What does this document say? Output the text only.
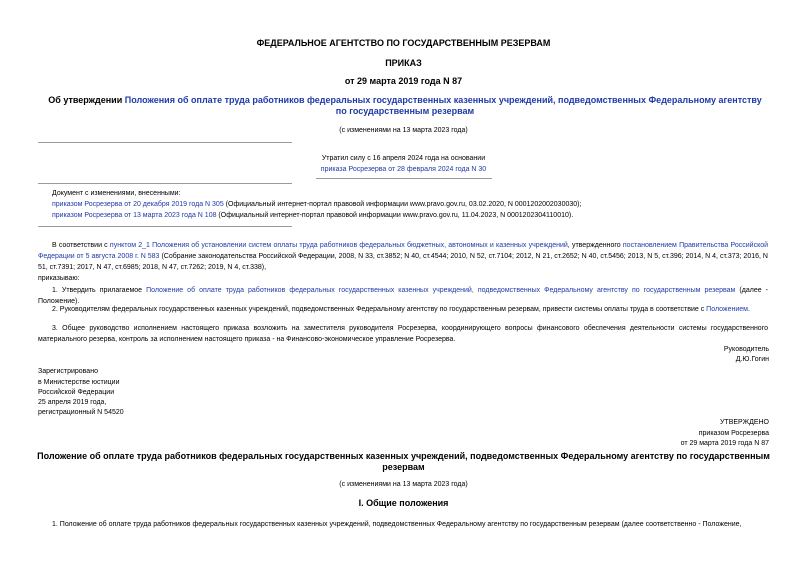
ФЕДЕРАЛЬНОЕ АГЕНТСТВО ПО ГОСУДАРСТВЕННЫМ РЕЗЕРВАМ
ПРИКАЗ
от 29 марта 2019 года N 87
Об утверждении Положения об оплате труда работников федеральных государственных казенных учреждений, подведомственных Федеральному агентству по государственным резервам
(с изменениями на 13 марта 2023 года)
Утратил силу с 16 апреля 2024 года на основании
приказа Росрезерва от 28 февраля 2024 года N 30
Документ с изменениями, внесенными:
приказом Росрезерва от 20 декабря 2019 года N 305 (Официальный интернет-портал правовой информации www.pravo.gov.ru, 03.02.2020, N 0001202002030030);
приказом Росрезерва от 13 марта 2023 года N 108 (Официальный интернет-портал правовой информации www.pravo.gov.ru, 11.04.2023, N 0001202304110010).
В соответствии с пунктом 2_1 Положения об установлении систем оплаты труда работников федеральных бюджетных, автономных и казенных учреждений, утвержденного постановлением Правительства Российской Федерации от 5 августа 2008 г. N 583 (Собрание законодательства Российской Федерации, 2008, N 33, ст.3852; N 40, ст.4544; 2010, N 52, ст.7104; 2012, N 21, ст.2652; N 40, ст.5456; 2013, N 5, ст.396; 2014, N 4, ст.373; 2016, N 51, ст.7391; 2017, N 47, ст.6985; 2018, N 47, ст.7262; 2019, N 4, ст.338),
приказываю:
1. Утвердить прилагаемое Положение об оплате труда работников федеральных государственных казенных учреждений, подведомственных Федеральному агентству по государственным резервам (далее - Положение).
2. Руководителям федеральных государственных казенных учреждений, подведомственных Федеральному агентству по государственным резервам, привести системы оплаты труда в соответствие с Положением.
3. Общее руководство исполнением настоящего приказа возложить на заместителя руководителя Росрезерва, координирующего вопросы финансового обеспечения деятельности системы государственного материального резерва, контроль за исполнением настоящего приказа - на Финансово-экономическое управление Росрезерва.
Руководитель
Д.Ю.Гогин
Зарегистрировано
в Министерстве юстиции
Российской Федерации
25 апреля 2019 года,
регистрационный N 54520
УТВЕРЖДЕНО
приказом Росрезерва
от 29 марта 2019 года N 87
Положение об оплате труда работников федеральных государственных казенных учреждений, подведомственных Федеральному агентству по государственным
резервам
(с изменениями на 13 марта 2023 года)
I. Общие положения
1. Положение об оплате труда работников федеральных государственных казенных учреждений, подведомственных Федеральному агентству по государственным резервам (далее соответственно - Положение,
